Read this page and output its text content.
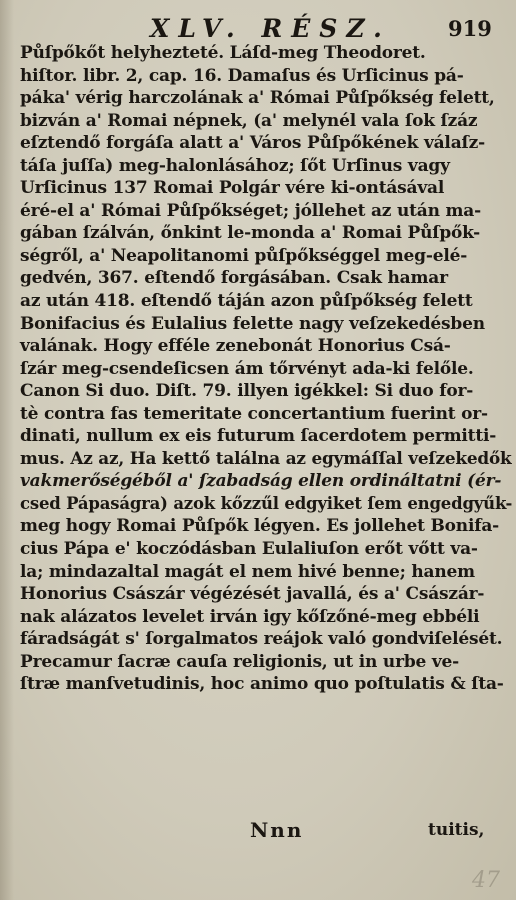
XLV. RÉSZ.	919
Půſpőkőt helyhezteté. Láſd-meg Theodoret.
hiſtor. libr. 2, cap. 16. Damaſus és Urſicinus pá-
páka' vérig harczolának a' Római Půſpőkség felett,
bizván a' Romai népnek, (a' melynél vala ſok ſzáz
eſztendő forgáſa alatt a' Város Půſpőkének válaſz-
táſa juſſa) meg-halonlásához; ſőt Urſinus vagy
Urſicinus 137 Romai Polgár vére ki-ontásával
éré-el a' Római Půſpőkséget; jóllehet az után ma-
gában ſzálván, őnkint le-monda a' Romai Půſpők-
ségről, a' Neapolitanomi půſpőkséggel meg-elé-
gedvén, 367. eſtendő forgásában. Csak hamar
az után 418. eſtendő táján azon půſpőkség felett
Bonifacius és Eulalius felette nagy veſzekedésben
valának. Hogy efféle zenebonát Honorius Csá-
ſzár meg-csendeſicsen ám tőrvényt ada-ki felőle.
Canon Si duo. Diſt. 79. illyen igékkel: Si duo for-
tè contra fas temeritate concertantium fuerint or-
dinati, nullum ex eis futurum ſacerdotem permitti-
mus. Az az, Ha kettő találna az egymáſſal veſzekedők
vakmerőségéből a' ſzabadság ellen ordináltatni (ér-
csed Pápaságra) azok kőzzűl edgyiket ſem engedgyűk-
meg hogy Romai Půſpők légyen. Es jollehet Bonifa-
cius Pápa e' koczódásban Eulaliuſon erőt vőtt va-
la; mindazaltal magát el nem hivé benne; hanem
Honorius Császár végézését javallá, és a' Császár-
nak alázatos levelet irván igy kőſzőné-meg ebbéli
fáradságát s' ſorgalmatos reájok való gondviſelését.
Precamur ſacræ cauſa religionis, ut in urbe ve-
ſtræ manſvetudinis, hoc animo quo poſtulatis & ſta-
Nnn	tuitis,
47
